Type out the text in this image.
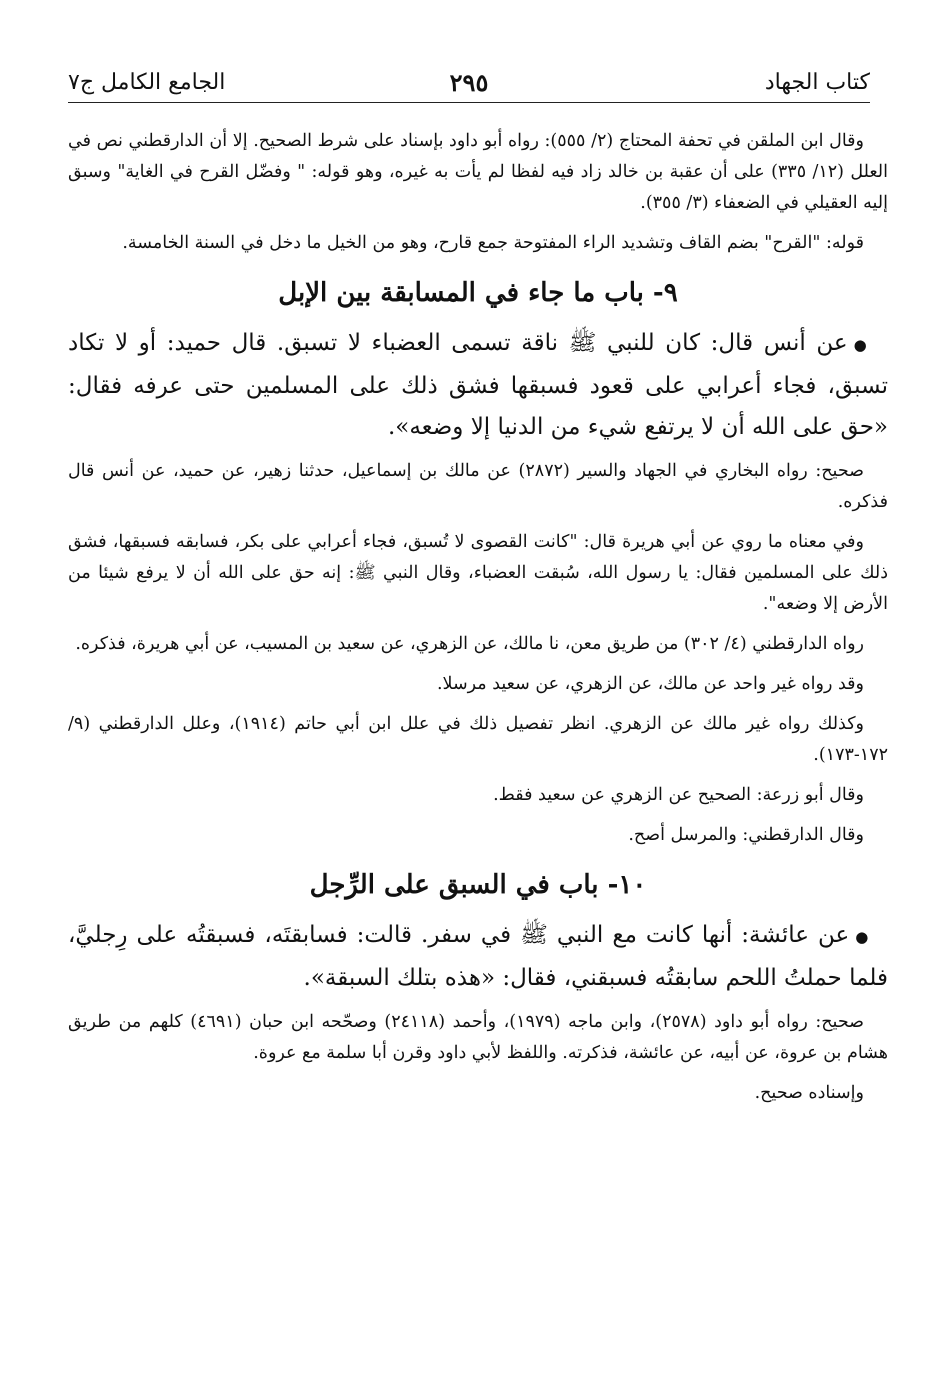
كتاب الجهاد
٢٩٥
الجامع الكامل ج٧

وقال ابن الملقن في تحفة المحتاج (٢/ ٥٥٥): رواه أبو داود بإسناد على شرط الصحيح. إلا أن الدارقطني نص في العلل (١٢/ ٣٣٥) على أن عقبة بن خالد زاد فيه لفظا لم يأت به غيره، وهو قوله: " وفضّل القرح في الغاية" وسبق إليه العقيلي في الضعفاء (٣/ ٣٥٥).

قوله: "القرح" بضم القاف وتشديد الراء المفتوحة جمع قارح، وهو من الخيل ما دخل في السنة الخامسة.

٩- باب ما جاء في المسابقة بين الإبل

●عن أنس قال: كان للنبي ﷺ ناقة تسمى العضباء لا تسبق. قال حميد: أو لا تكاد تسبق، فجاء أعرابي على قعود فسبقها فشق ذلك على المسلمين حتى عرفه فقال: «حق على الله أن لا يرتفع شيء من الدنيا إلا وضعه».

صحيح: رواه البخاري في الجهاد والسير (٢٨٧٢) عن مالك بن إسماعيل، حدثنا زهير، عن حميد، عن أنس قال فذكره.

وفي معناه ما روي عن أبي هريرة قال: "كانت القصوى لا تُسبق، فجاء أعرابي على بكر، فسابقه فسبقها، فشق ذلك على المسلمين فقال: يا رسول الله، سُبقت العضباء، وقال النبي ﷺ: إنه حق على الله أن لا يرفع شيئا من الأرض إلا وضعه".

رواه الدارقطني (٤/ ٣٠٢) من طريق معن، نا مالك، عن الزهري، عن سعيد بن المسيب، عن أبي هريرة، فذكره.

وقد رواه غير واحد عن مالك، عن الزهري، عن سعيد مرسلا.

وكذلك رواه غير مالك عن الزهري. انظر تفصيل ذلك في علل ابن أبي حاتم (١٩١٤)، وعلل الدارقطني (٩/ ١٧٢-١٧٣).

وقال أبو زرعة: الصحيح عن الزهري عن سعيد فقط.

وقال الدارقطني: والمرسل أصح.

١٠- باب في السبق على الرِّجل

●عن عائشة: أنها كانت مع النبي ﷺ في سفر. قالت: فسابقتَه، فسبقتُه على رِجليَّ، فلما حملتُ اللحم سابقتُه فسبقني، فقال: «هذه بتلك السبقة».

صحيح: رواه أبو داود (٢٥٧٨)، وابن ماجه (١٩٧٩)، وأحمد (٢٤١١٨) وصحّحه ابن حبان (٤٦٩١) كلهم من طريق هشام بن عروة، عن أبيه، عن عائشة، فذكرته. واللفظ لأبي داود وقرن أبا سلمة مع عروة.

وإسناده صحيح.
